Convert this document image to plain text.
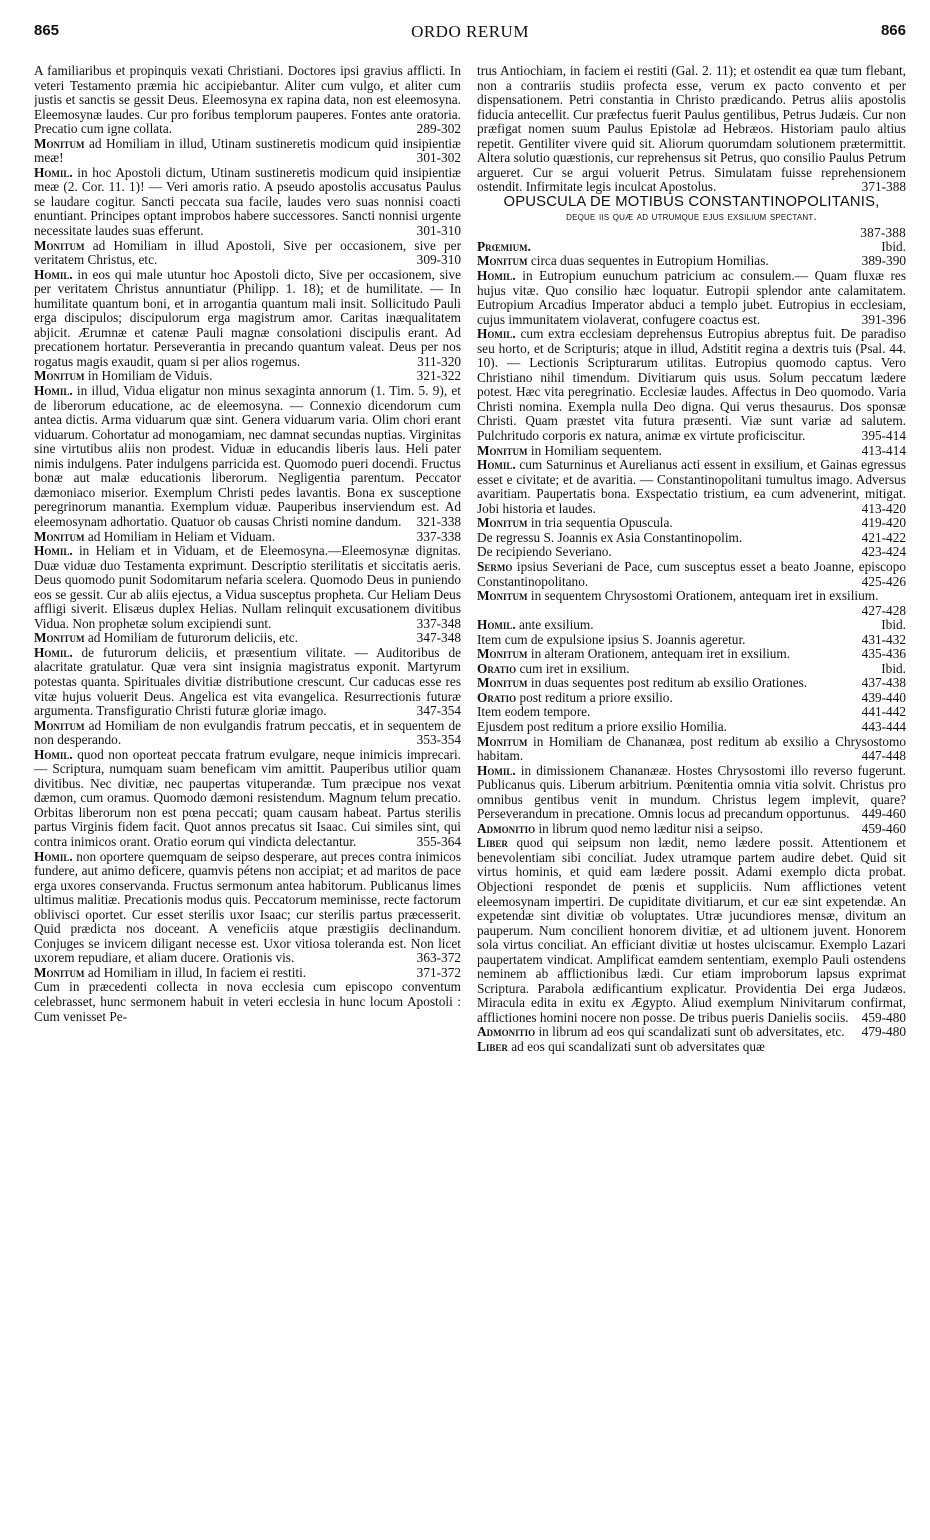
865	ORDO RERUM	866

A familiaribus et propinquis vexati Christiani. Doctores ipsi gravius afflicti. In veteri Testamento præmia hic accipiebantur. Aliter cum vulgo, et aliter cum justis et sanctis se gessit Deus. Eleemosyna ex rapina data, non est eleemosyna. Eleemosynæ laudes. Cur pro foribus templorum pauperes. Fontes ante oratoria. Precatio cum igne collata.	289-302

Monitum ad Homiliam in illud, Utinam sustineretis modicum quid insipientiæ meæ!	301-302

Homil. in hoc Apostoli dictum, Utinam sustineretis modicum quid insipientiæ meæ (2. Cor. 11. 1)! — Veri amoris ratio. A pseudo apostolis accusatus Paulus se laudare cogitur. Sancti peccata sua facile, laudes vero suas nonnisi coacti enuntiant. Principes optant improbos habere successores. Sancti nonnisi urgente necessitate laudes suas efferunt.	301-310

Monitum ad Homiliam in illud Apostoli, Sive per occasionem, sive per veritatem Christus, etc.	309-310

Homil. in eos qui male utuntur hoc Apostoli dicto, Sive per occasionem, sive per veritatem Christus annuntiatur (Philipp. 1. 18); et de humilitate. — In humilitate quantum boni, et in arrogantia quantum mali insit. Sollicitudo Pauli erga discipulos; discipulorum erga magistrum amor. Caritas inæqualitatem abjicit. Ærumnæ et catenæ Pauli magnæ consolationi discipulis erant. Ad precationem hortatur. Perseverantia in precando quantum valeat. Deus per nos rogatus magis exaudit, quam si per alios rogemus.	311-320

Monitum in Homiliam de Viduis.	321-322

Homil. in illud, Vidua eligatur non minus sexaginta annorum (1. Tim. 5. 9), et de liberorum educatione, ac de eleemosyna. — Connexio dicendorum cum antea dictis. Arma viduarum quæ sint. Genera viduarum varia. Olim chori erant viduarum. Cohortatur ad monogamiam, nec damnat secundas nuptias. Virginitas sine virtutibus aliis non prodest. Viduæ in educandis liberis laus. Heli pater nimis indulgens. Pater indulgens parricida est. Quomodo pueri docendi. Fructus bonæ aut malæ educationis liberorum. Negligentia parentum. Peccator dæmoniaco miserior. Exemplum Christi pedes lavantis. Bona ex susceptione peregrinorum manantia. Exemplum viduæ. Pauperibus inserviendum est. Ad eleemosynam adhortatio. Quatuor ob causas Christi nomine dandum.	321-338

Monitum ad Homiliam in Heliam et Viduam.	337-338

Homil. in Heliam et in Viduam, et de Eleemosyna.—Eleemosynæ dignitas. Duæ viduæ duo Testamenta exprimunt. Descriptio sterilitatis et siccitatis aeris. Deus quomodo punit Sodomitarum nefaria scelera. Quomodo Deus in puniendo eos se gessit. Cur ab aliis ejectus, a Vidua susceptus propheta. Cur Heliam Deus affligi siverit. Elisæus duplex Helias. Nullam relinquit excusationem divitibus Vidua. Non prophetæ solum excipiendi sunt.	337-348

Monitum ad Homiliam de futurorum deliciis, etc.	347-348

Homil. de futurorum deliciis, et præsentium vilitate. — Auditoribus de alacritate gratulatur. Quæ vera sint insignia magistratus exponit. Martyrum potestas quanta. Spirituales divitiæ distributione crescunt. Cur caducas esse res vitæ hujus voluerit Deus. Angelica est vita evangelica. Resurrectionis futuræ argumenta. Transfiguratio Christi futuræ gloriæ imago.	347-354

Monitum ad Homiliam de non evulgandis fratrum peccatis, et in sequentem de non desperando.	353-354

Homil. quod non oporteat peccata fratrum evulgare, neque inimicis imprecari. — Scriptura, numquam suam beneficam vim amittit. Pauperibus utilior quam divitibus. Nec divitiæ, nec paupertas vituperandæ. Tum præcipue nos vexat dæmon, cum oramus. Quomodo dæmoni resistendum. Magnum telum precatio. Orbitas liberorum non est pœna peccati; quam causam habeat. Partus sterilis partus Virginis fidem facit. Quot annos precatus sit Isaac. Cui similes sint, qui contra inimicos orant. Oratio eorum qui vindicta delectantur.	355-364

Homil. non oportere quemquam de seipso desperare, aut preces contra inimicos fundere, aut animo deficere, quamvis pétens non accipiat; et ad maritos de pace erga uxores conservanda. Fructus sermonum antea habitorum. Publicanus limes ultimus malitiæ. Precationis modus quis. Peccatorum meminisse, recte factorum oblivisci oportet. Cur esset sterilis uxor Isaac; cur sterilis partus præcesserit. Quid prædicta nos doceant. A veneficiis atque præstigiis declinandum. Conjuges se invicem diligant necesse est. Uxor vitiosa toleranda est. Non licet uxorem repudiare, et aliam ducere. Orationis vis.	363-372

Monitum ad Homiliam in illud, In faciem ei restiti.	371-372

Cum in præcedenti collecta in nova ecclesia cum episcopo conventum celebrasset, hunc sermonem habuit in veteri ecclesia in hunc locum Apostoli : Cum venisset Pe-

trus Antiochiam, in faciem ei restiti (Gal. 2. 11); et ostendit ea quæ tum flebant, non a contrariis studiis profecta esse, verum ex pacto convento et per dispensationem. Petri constantia in Christo prædicando. Petrus aliis apostolis fiducia antecellit. Cur præfectus fuerit Paulus gentilibus, Petrus Judæis. Cur non præfigat nomen suum Paulus Epistolæ ad Hebræos. Historiam paulo altius repetit. Gentiliter vivere quid sit. Aliorum quorumdam solutionem prætermittit. Altera solutio quæstionis, cur reprehensus sit Petrus, quo consilio Paulus Petrum argueret. Cur se argui voluerit Petrus. Simulatam fuisse reprehensionem ostendit. Infirmitate legis inculcat Apostolus.	371-388

OPUSCULA DE MOTIBUS CONSTANTINOPOLITANIS,
deque iis quæ ad utrumque ejus exsilium spectant.
387-388

Prœmium.	Ibid.

Monitum circa duas sequentes in Eutropium Homilias.	389-390

Homil. in Eutropium eunuchum patricium ac consulem.— Quam fluxæ res hujus vitæ. Quo consilio hæc loquatur. Eutropii splendor ante calamitatem. Eutropium Arcadius Imperator abduci a templo jubet. Eutropius in ecclesiam, cujus immunitatem violaverat, confugere coactus est.	391-396

Homil. cum extra ecclesiam deprehensus Eutropius abreptus fuit. De paradiso seu horto, et de Scripturis; atque in illud, Adstitit regina a dextris tuis (Psal. 44. 10). — Lectionis Scripturarum utilitas. Eutropius quomodo captus. Vero Christiano nihil timendum. Divitiarum quis usus. Solum peccatum lædere potest. Hæc vita peregrinatio. Ecclesiæ laudes. Affectus in Deo quomodo. Varia Christi nomina. Exempla nulla Deo digna. Qui verus thesaurus. Dos sponsæ Christi. Quam præstet vita futura præsenti. Viæ sunt variæ ad salutem. Pulchritudo corporis ex natura, animæ ex virtute proficiscitur.	395-414

Monitum in Homiliam sequentem.	413-414

Homil. cum Saturninus et Aurelianus acti essent in exsilium, et Gainas egressus esset e civitate; et de avaritia. — Constantinopolitani tumultus imago. Adversus avaritiam. Paupertatis bona. Exspectatio tristium, ea cum advenerint, mitigat. Jobi historia et laudes.	413-420

Monitum in tria sequentia Opuscula.	419-420

De regressu S. Joannis ex Asia Constantinopolim.	421-422

De recipiendo Severiano.	423-424

Sermo ipsius Severiani de Pace, cum susceptus esset a beato Joanne, episcopo Constantinopolitano.	425-426

Monitum in sequentem Chrysostomi Orationem, antequam iret in exsilium.
427-428

Homil. ante exsilium.	Ibid.

Item cum de expulsione ipsius S. Joannis ageretur.	431-432

Monitum in alteram Orationem, antequam iret in exsilium.	435-436

Oratio cum iret in exsilium.	Ibid.

Monitum in duas sequentes post reditum ab exsilio Orationes.	437-438

Oratio post reditum a priore exsilio.	439-440

Item eodem tempore.	441-442

Ejusdem post reditum a priore exsilio Homilia.	443-444

Monitum in Homiliam de Chananæa, post reditum ab exsilio a Chrysostomo habitam.	447-448

Homil. in dimissionem Chananææ. Hostes Chrysostomi illo reverso fugerunt. Publicanus quis. Liberum arbitrium. Pœnitentia omnia vitia solvit. Christus pro omnibus gentibus venit in mundum. Christus legem implevit, quare? Perseverandum in precatione. Omnis locus ad precandum opportunus. 449-460

Admonitio in librum quod nemo læditur nisi a seipso.	459-460

Liber quod qui seipsum non lædit, nemo lædere possit. Attentionem et benevolentiam sibi conciliat. Judex utramque partem audire debet. Quid sit virtus hominis, et quid eam lædere possit. Adami exemplo dicta probat. Objectioni respondet de pœnis et suppliciis. Num afflictiones vetent eleemosynam impertiri. De cupiditate divitiarum, et cur eæ sint expetendæ. An expetendæ sint divitiæ ob voluptates. Utræ jucundiores mensæ, divitum an pauperum. Num concilient honorem divitiæ, et ad ultionem juvent. Honorem sola virtus conciliat. An efficiant divitiæ ut hostes ulciscamur. Exemplo Lazari paupertatem vindicat. Amplificat eamdem sententiam, exemplo Pauli ostendens neminem ab afflictionibus lædi. Cur etiam improborum lapsus exprimat Scriptura. Parabola ædificantium explicatur. Providentia Dei erga Judæos. Miracula edita in exitu ex Ægypto. Aliud exemplum Ninivitarum confirmat, afflictiones homini nocere non posse. De tribus pueris Danielis sociis. 459-480

Admonitio in librum ad eos qui scandalizati sunt ob adversitates, etc.	479-480

Liber ad eos qui scandalizati sunt ob adversitates quæ
